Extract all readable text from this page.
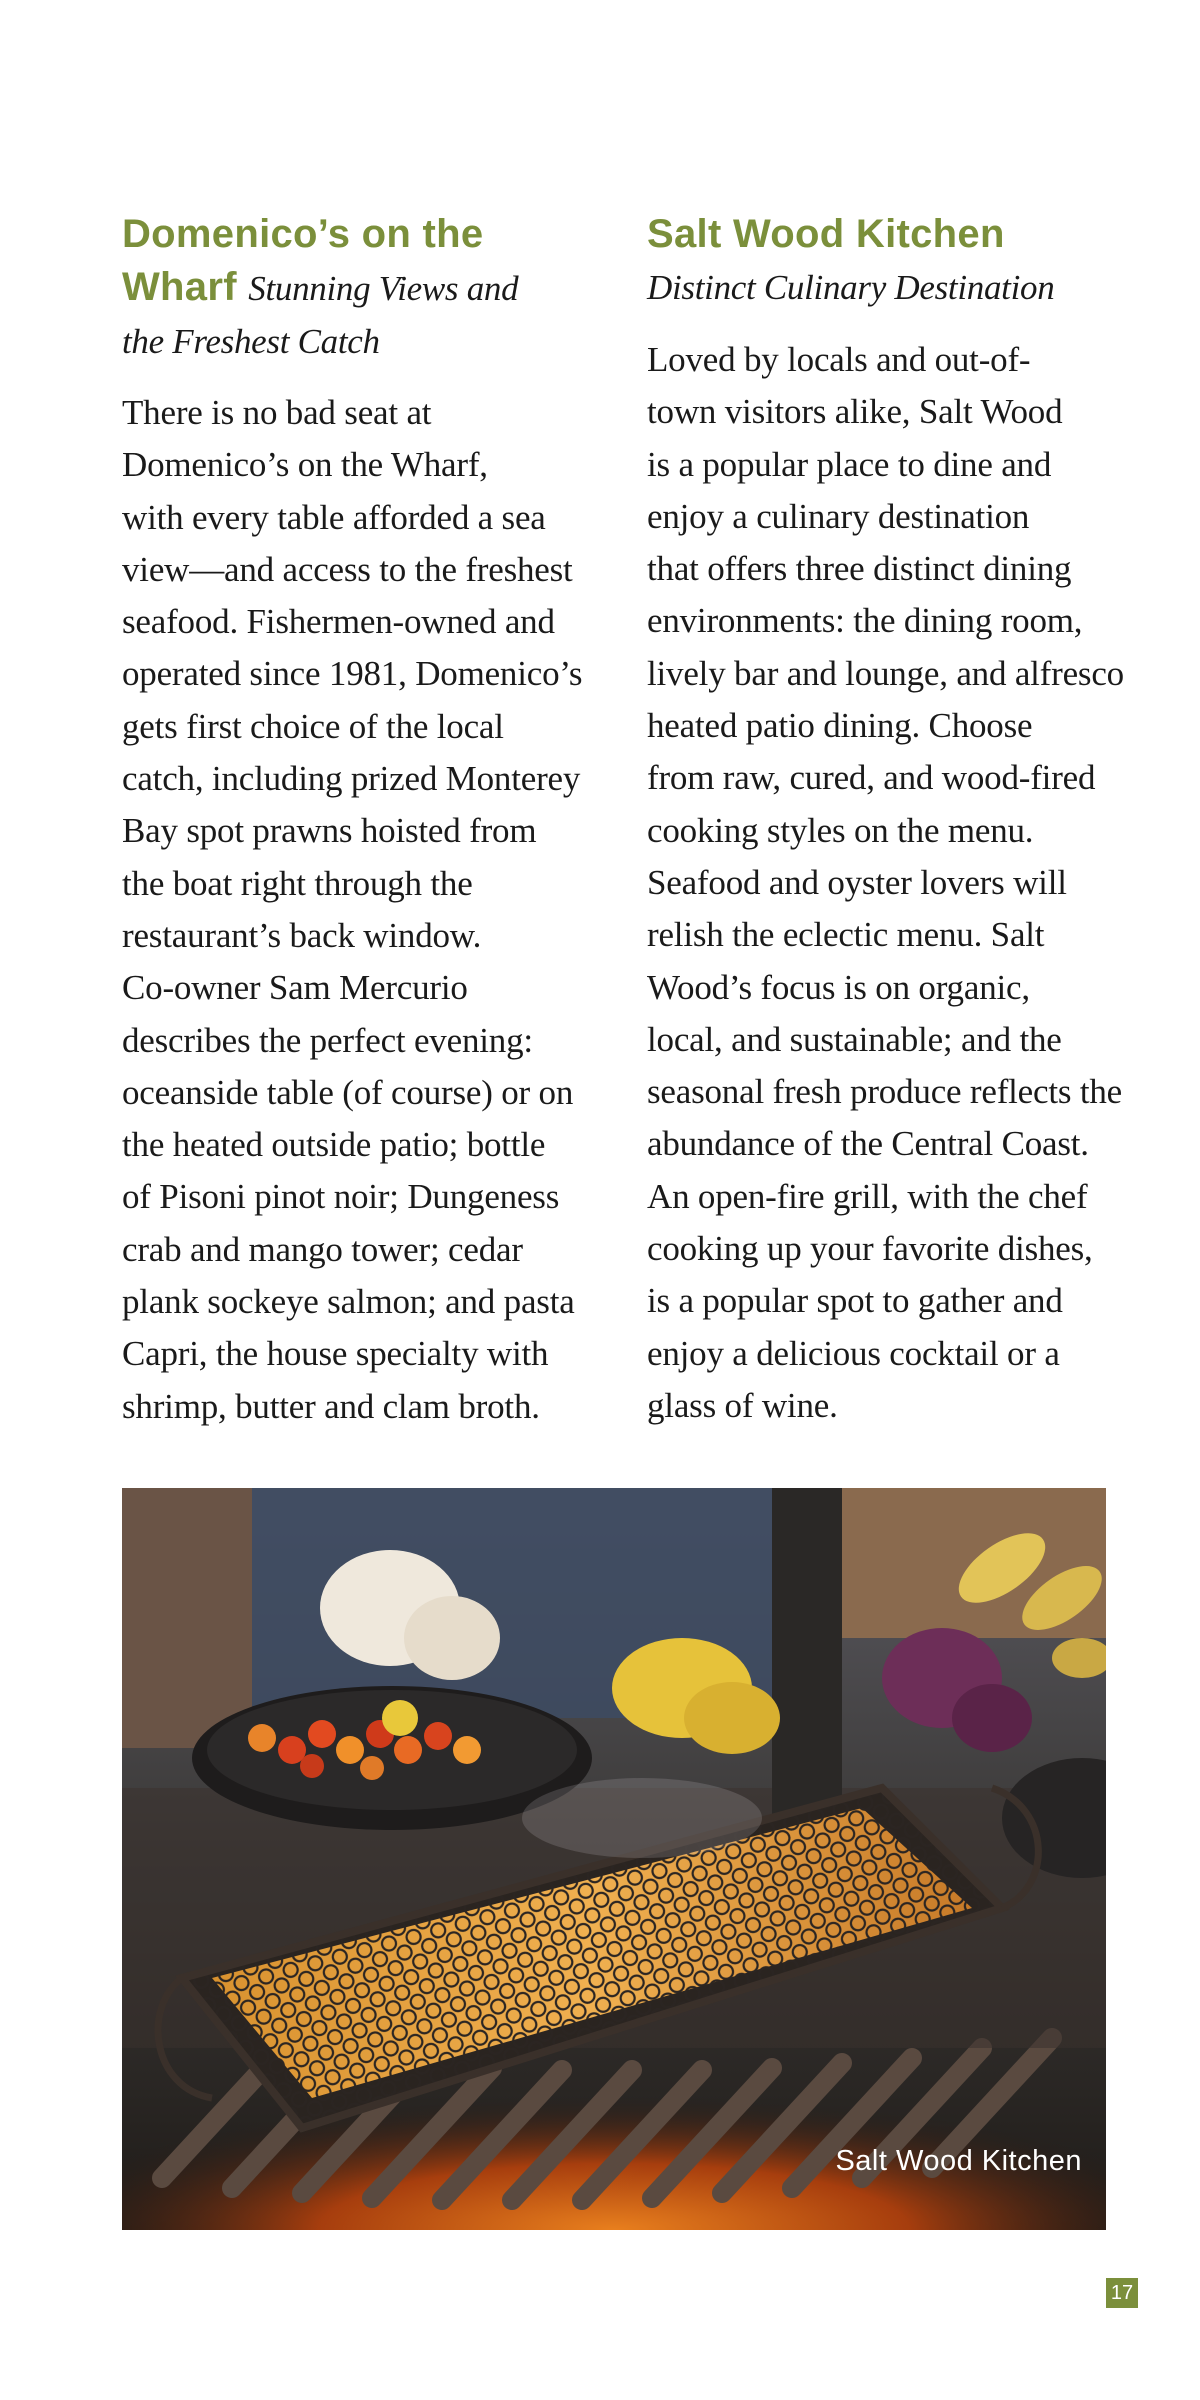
Domenico’s on the
Wharf Stunning Views and
the Freshest Catch
There is no bad seat at
Domenico’s on the Wharf,
with every table afforded a sea
view—and access to the freshest
seafood. Fishermen-owned and
operated since 1981, Domenico’s
gets first choice of the local
catch, including prized Monterey
Bay spot prawns hoisted from
the boat right through the
restaurant’s back window.
Co-owner Sam Mercurio
describes the perfect evening:
oceanside table (of course) or on
the heated outside patio; bottle
of Pisoni pinot noir; Dungeness
crab and mango tower; cedar
plank sockeye salmon; and pasta
Capri, the house specialty with
shrimp, butter and clam broth.
Salt Wood Kitchen
Distinct Culinary Destination
Loved by locals and out-of-
town visitors alike, Salt Wood
is a popular place to dine and
enjoy a culinary destination
that offers three distinct dining
environments: the dining room,
lively bar and lounge, and alfresco
heated patio dining. Choose
from raw, cured, and wood-fired
cooking styles on the menu.
Seafood and oyster lovers will
relish the eclectic menu. Salt
Wood’s focus is on organic,
local, and sustainable; and the
seasonal fresh produce reflects the
abundance of the Central Coast.
An open-fire grill, with the chef
cooking up your favorite dishes,
is a popular spot to gather and
enjoy a delicious cocktail or a
glass of wine.
Salt Wood Kitchen
17
